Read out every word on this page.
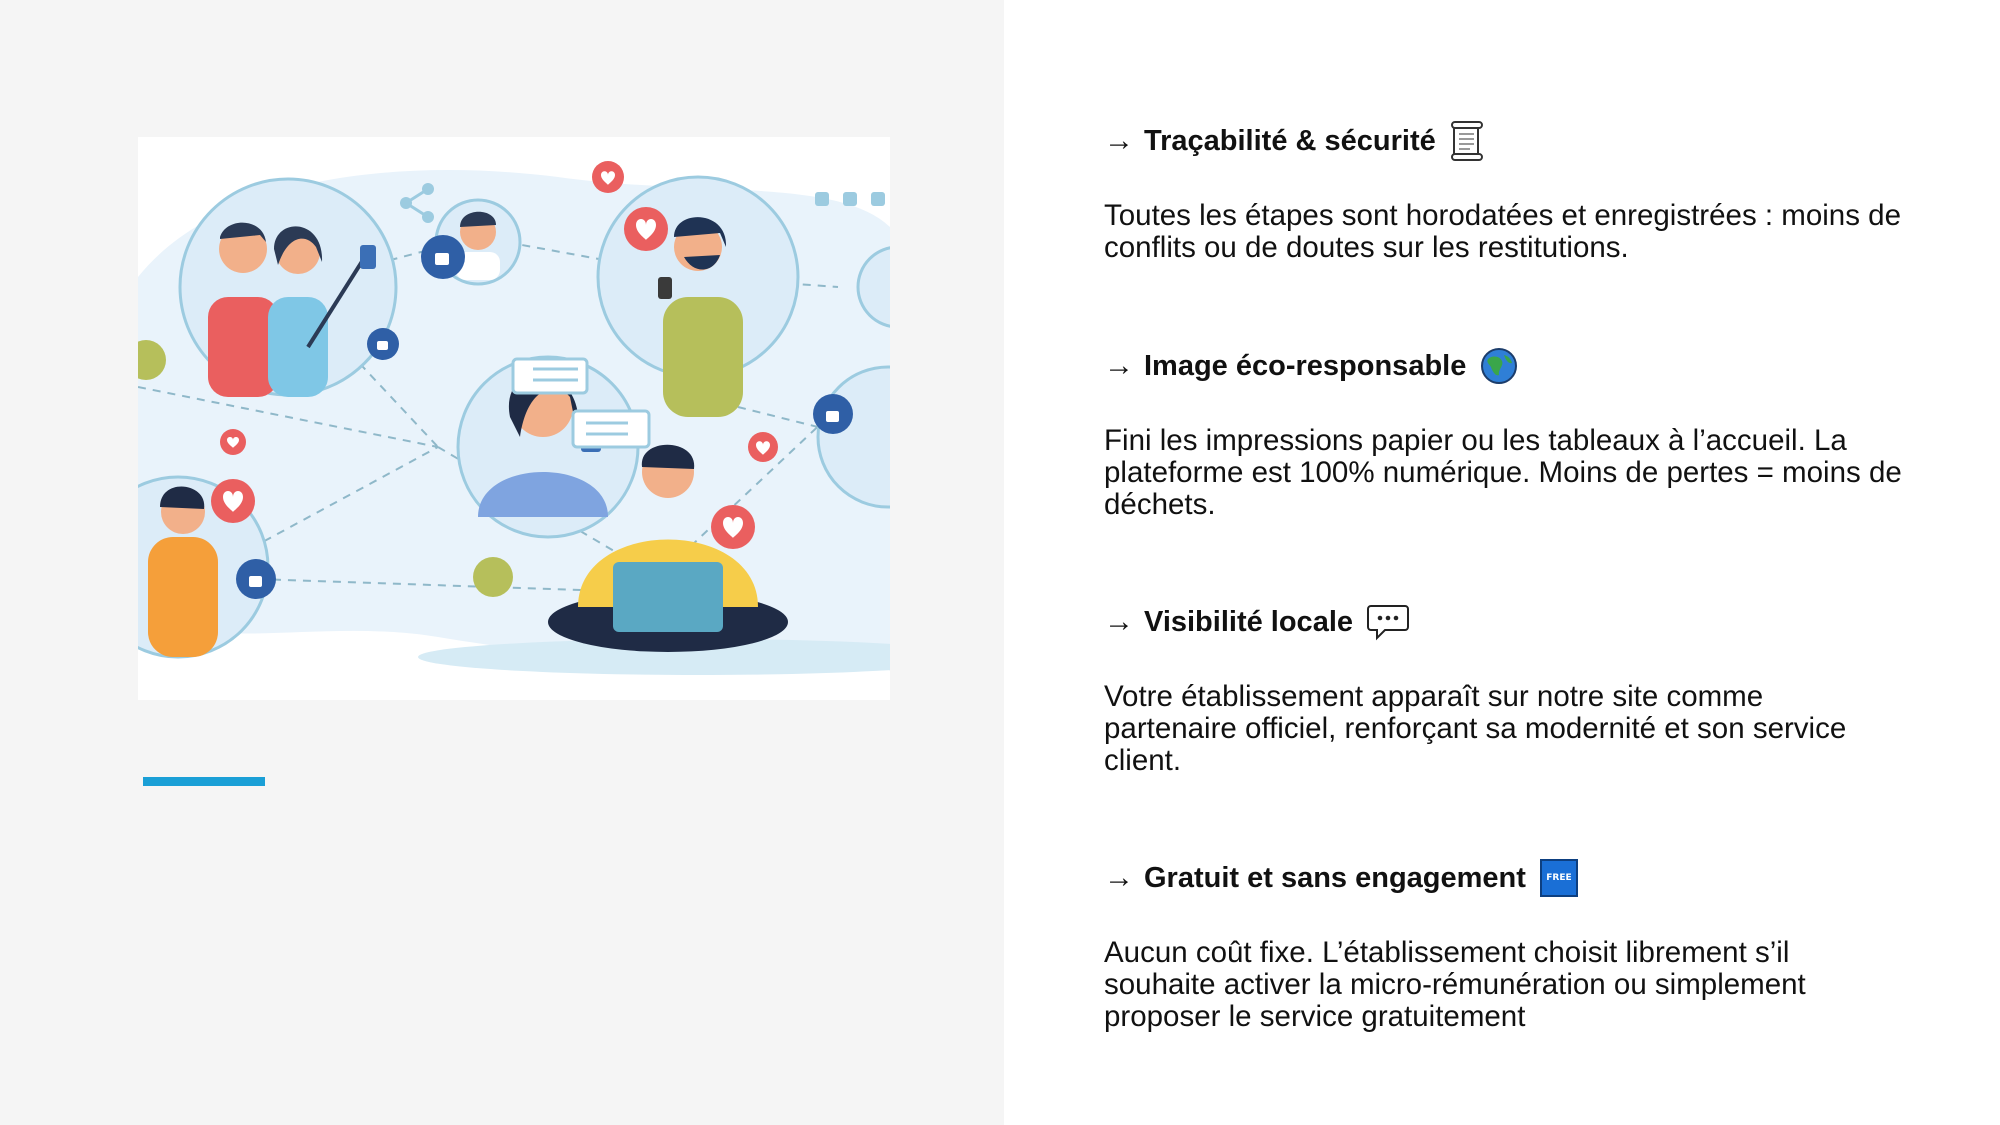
→ Traçabilité & sécurité
Toutes les étapes sont horodatées et enregistrées : moins de conflits ou de doutes sur les restitutions.
→ Image éco-responsable
Fini les impressions papier ou les tableaux à l’accueil. La plateforme est 100% numérique. Moins de pertes = moins de déchets.
→ Visibilité locale
Votre établissement apparaît sur notre site comme partenaire officiel, renforçant sa modernité et son service client.
→ Gratuit et sans engagement	FREE
Aucun coût fixe. L’établissement choisit librement s’il souhaite activer la micro-rémunération ou simplement proposer le service gratuitement
